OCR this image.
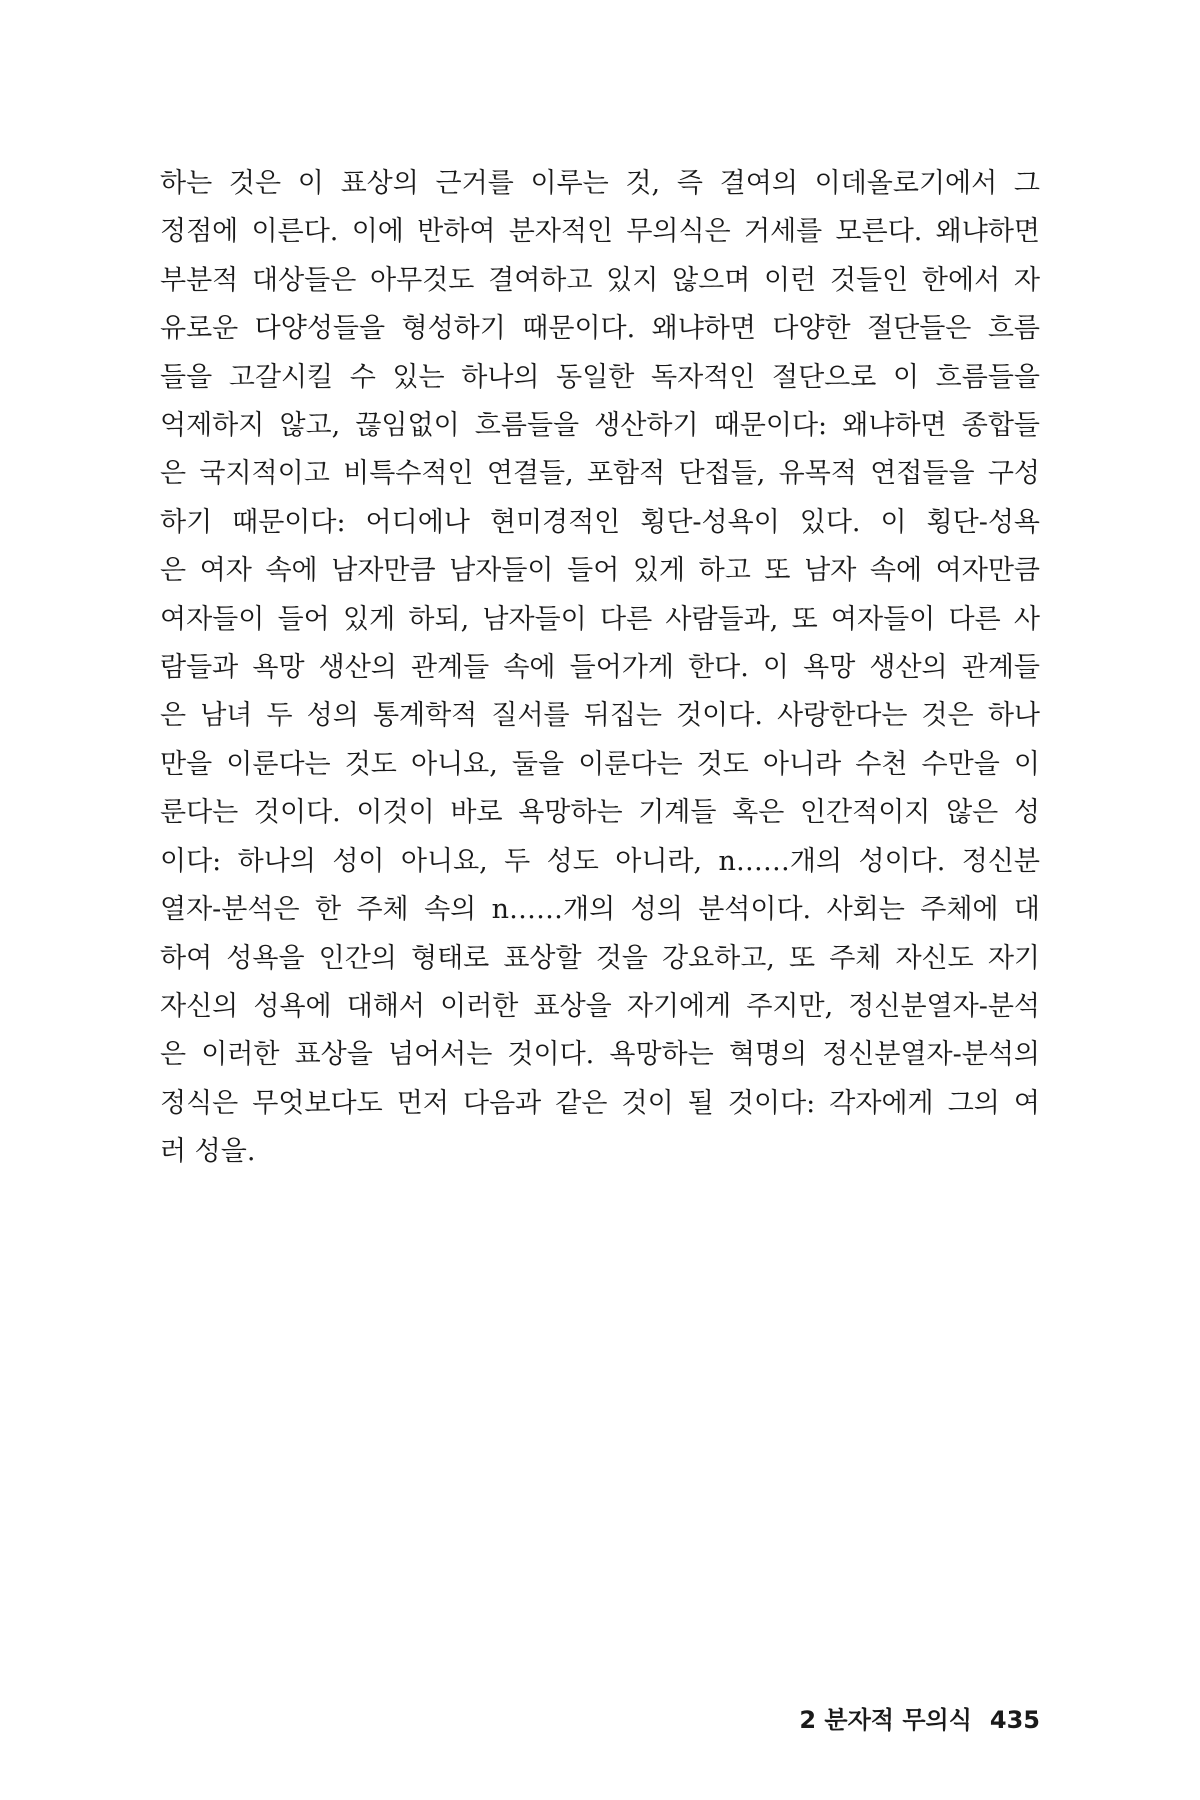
하는 것은 이 표상의 근거를 이루는 것, 즉 결여의 이데올로기에서 그
정점에 이른다. 이에 반하여 분자적인 무의식은 거세를 모른다. 왜냐하면
부분적 대상들은 아무것도 결여하고 있지 않으며 이런 것들인 한에서 자
유로운 다양성들을 형성하기 때문이다. 왜냐하면 다양한 절단들은 흐름
들을 고갈시킬 수 있는 하나의 동일한 독자적인 절단으로 이 흐름들을
억제하지 않고, 끊임없이 흐름들을 생산하기 때문이다: 왜냐하면 종합들
은 국지적이고 비특수적인 연결들, 포함적 단접들, 유목적 연접들을 구성
하기 때문이다: 어디에나 현미경적인 횡단-성욕이 있다. 이 횡단-성욕
은 여자 속에 남자만큼 남자들이 들어 있게 하고 또 남자 속에 여자만큼
여자들이 들어 있게 하되, 남자들이 다른 사람들과, 또 여자들이 다른 사
람들과 욕망 생산의 관계들 속에 들어가게 한다. 이 욕망 생산의 관계들
은 남녀 두 성의 통계학적 질서를 뒤집는 것이다. 사랑한다는 것은 하나
만을 이룬다는 것도 아니요, 둘을 이룬다는 것도 아니라 수천 수만을 이
룬다는 것이다. 이것이 바로 욕망하는 기계들 혹은 인간적이지 않은 성
이다: 하나의 성이 아니요, 두 성도 아니라, n……개의 성이다. 정신분
열자-분석은 한 주체 속의 n……개의 성의 분석이다. 사회는 주체에 대
하여 성욕을 인간의 형태로 표상할 것을 강요하고, 또 주체 자신도 자기
자신의 성욕에 대해서 이러한 표상을 자기에게 주지만, 정신분열자-분석
은 이러한 표상을 넘어서는 것이다. 욕망하는 혁명의 정신분열자-분석의
정식은 무엇보다도 먼저 다음과 같은 것이 될 것이다: 각자에게 그의 여
러 성을.
2 분자적 무의식 435
